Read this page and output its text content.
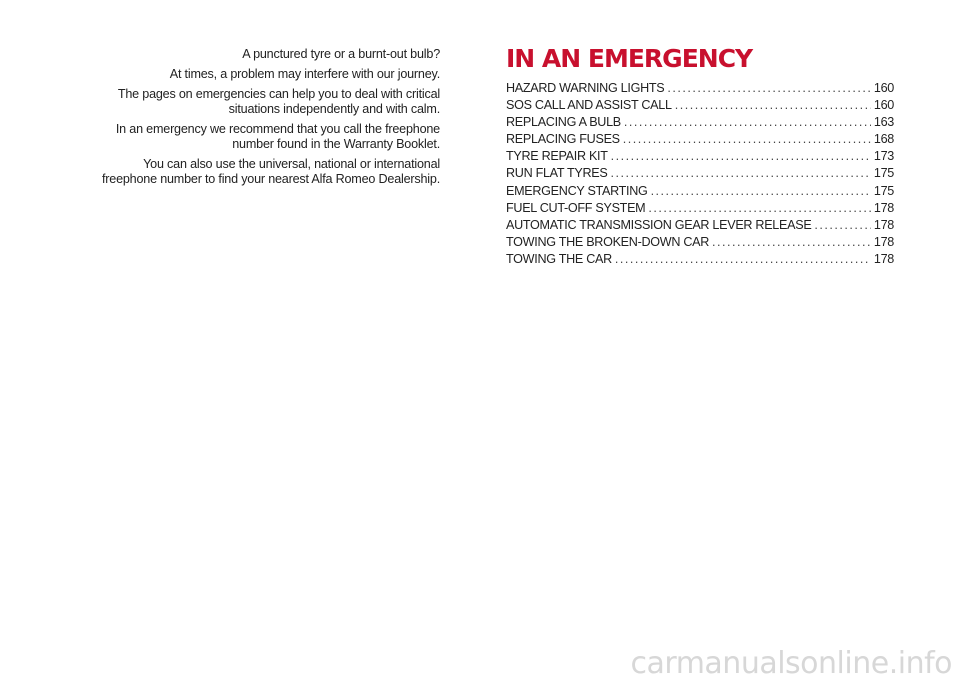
A punctured tyre or a burnt-out bulb?

At times, a problem may interfere with our journey.

The pages on emergencies can help you to deal with critical situations independently and with calm.

In an emergency we recommend that you call the freephone number found in the Warranty Booklet.

You can also use the universal, national or international freephone number to find your nearest Alfa Romeo Dealership.

IN AN EMERGENCY
HAZARD WARNING LIGHTS .....	160
SOS CALL AND ASSIST CALL .....	160
REPLACING A BULB .....	163
REPLACING FUSES .....	168
TYRE REPAIR KIT .....	173
RUN FLAT TYRES .....	175
EMERGENCY STARTING .....	175
FUEL CUT-OFF SYSTEM .....	178
AUTOMATIC TRANSMISSION GEAR LEVER RELEASE .....	178
TOWING THE BROKEN-DOWN CAR .....	178
TOWING THE CAR .....	178
carmanualsonline.info
